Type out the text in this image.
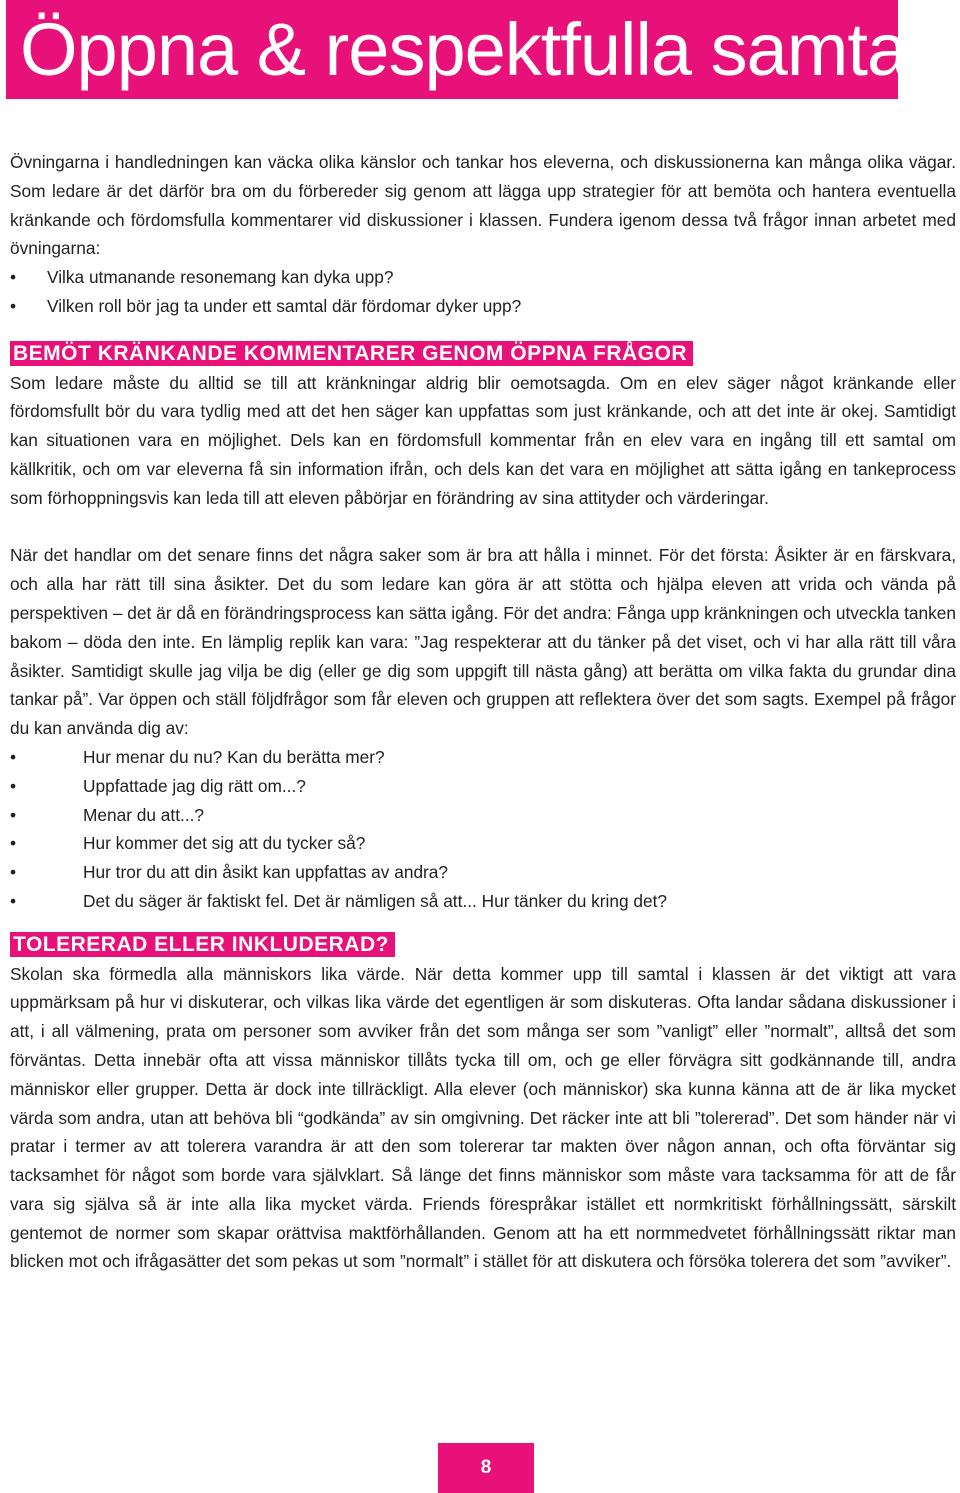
Öppna & respektfulla samtal

Övningarna i handledningen kan väcka olika känslor och tankar hos eleverna, och diskussionerna kan många olika vägar. Som ledare är det därför bra om du förbereder sig genom att lägga upp strategier för att bemöta och hantera eventuella kränkande och fördomsfulla kommentarer vid diskussioner i klassen. Fundera igenom dessa två frågor innan arbetet med övningarna:

• Vilka utmanande resonemang kan dyka upp?
• Vilken roll bör jag ta under ett samtal där fördomar dyker upp?
BEMÖT KRÄNKANDE KOMMENTARER GENOM ÖPPNA FRÅGOR

Som ledare måste du alltid se till att kränkningar aldrig blir oemotsagda. Om en elev säger något kränkande eller fördomsfullt bör du vara tydlig med att det hen säger kan uppfattas som just kränkande, och att det inte är okej. Samtidigt kan situationen vara en möjlighet. Dels kan en fördomsfull kommentar från en elev vara en ingång till ett samtal om källkritik, och om var eleverna få sin information ifrån, och dels kan det vara en möjlighet att sätta igång en tankeprocess som förhoppningsvis kan leda till att eleven påbörjar en förändring av sina attityder och värderingar.

När det handlar om det senare finns det några saker som är bra att hålla i minnet. För det första: Åsikter är en färskvara, och alla har rätt till sina åsikter. Det du som ledare kan göra är att stötta och hjälpa eleven att vrida och vända på perspektiven – det är då en förändringsprocess kan sätta igång. För det andra: Fånga upp kränkningen och utveckla tanken bakom – döda den inte. En lämplig replik kan vara: ”Jag respekterar att du tänker på det viset, och vi har alla rätt till våra åsikter. Samtidigt skulle jag vilja be dig (eller ge dig som uppgift till nästa gång) att berätta om vilka fakta du grundar dina tankar på”. Var öppen och ställ följdfrågor som får eleven och gruppen att reflektera över det som sagts. Exempel på frågor du kan använda dig av:

•	Hur menar du nu? Kan du berätta mer?
•	Uppfattade jag dig rätt om...?
•	Menar du att...?
•	Hur kommer det sig att du tycker så?
•	Hur tror du att din åsikt kan uppfattas av andra?
•	Det du säger är faktiskt fel. Det är nämligen så att... Hur tänker du kring det?
TOLERERAD ELLER INKLUDERAD?

Skolan ska förmedla alla människors lika värde. När detta kommer upp till samtal i klassen är det viktigt att vara uppmärksam på hur vi diskuterar, och vilkas lika värde det egentligen är som diskuteras. Ofta landar sådana diskussioner i att, i all välmening, prata om personer som avviker från det som många ser som ”vanligt” eller ”normalt”, alltså det som förväntas. Detta innebär ofta att vissa människor tillåts tycka till om, och ge eller förvägra sitt godkännande till, andra människor eller grupper. Detta är dock inte tillräckligt. Alla elever (och människor) ska kunna känna att de är lika mycket värda som andra, utan att behöva bli “godkända” av sin omgivning. Det räcker inte att bli ”tolererad”. Det som händer när vi pratar i termer av att tolerera varandra är att den som tolererar tar makten över någon annan, och ofta förväntar sig tacksamhet för något som borde vara självklart. Så länge det finns människor som måste vara tacksamma för att de får vara sig själva så är inte alla lika mycket värda. Friends förespråkar istället ett normkritiskt förhållningssätt, särskilt gentemot de normer som skapar orättvisa maktförhållanden. Genom att ha ett normmedvetet förhållningssätt riktar man blicken mot och ifrågasätter det som pekas ut som ”normalt” i stället för att diskutera och försöka tolerera det som ”avviker”.

8
